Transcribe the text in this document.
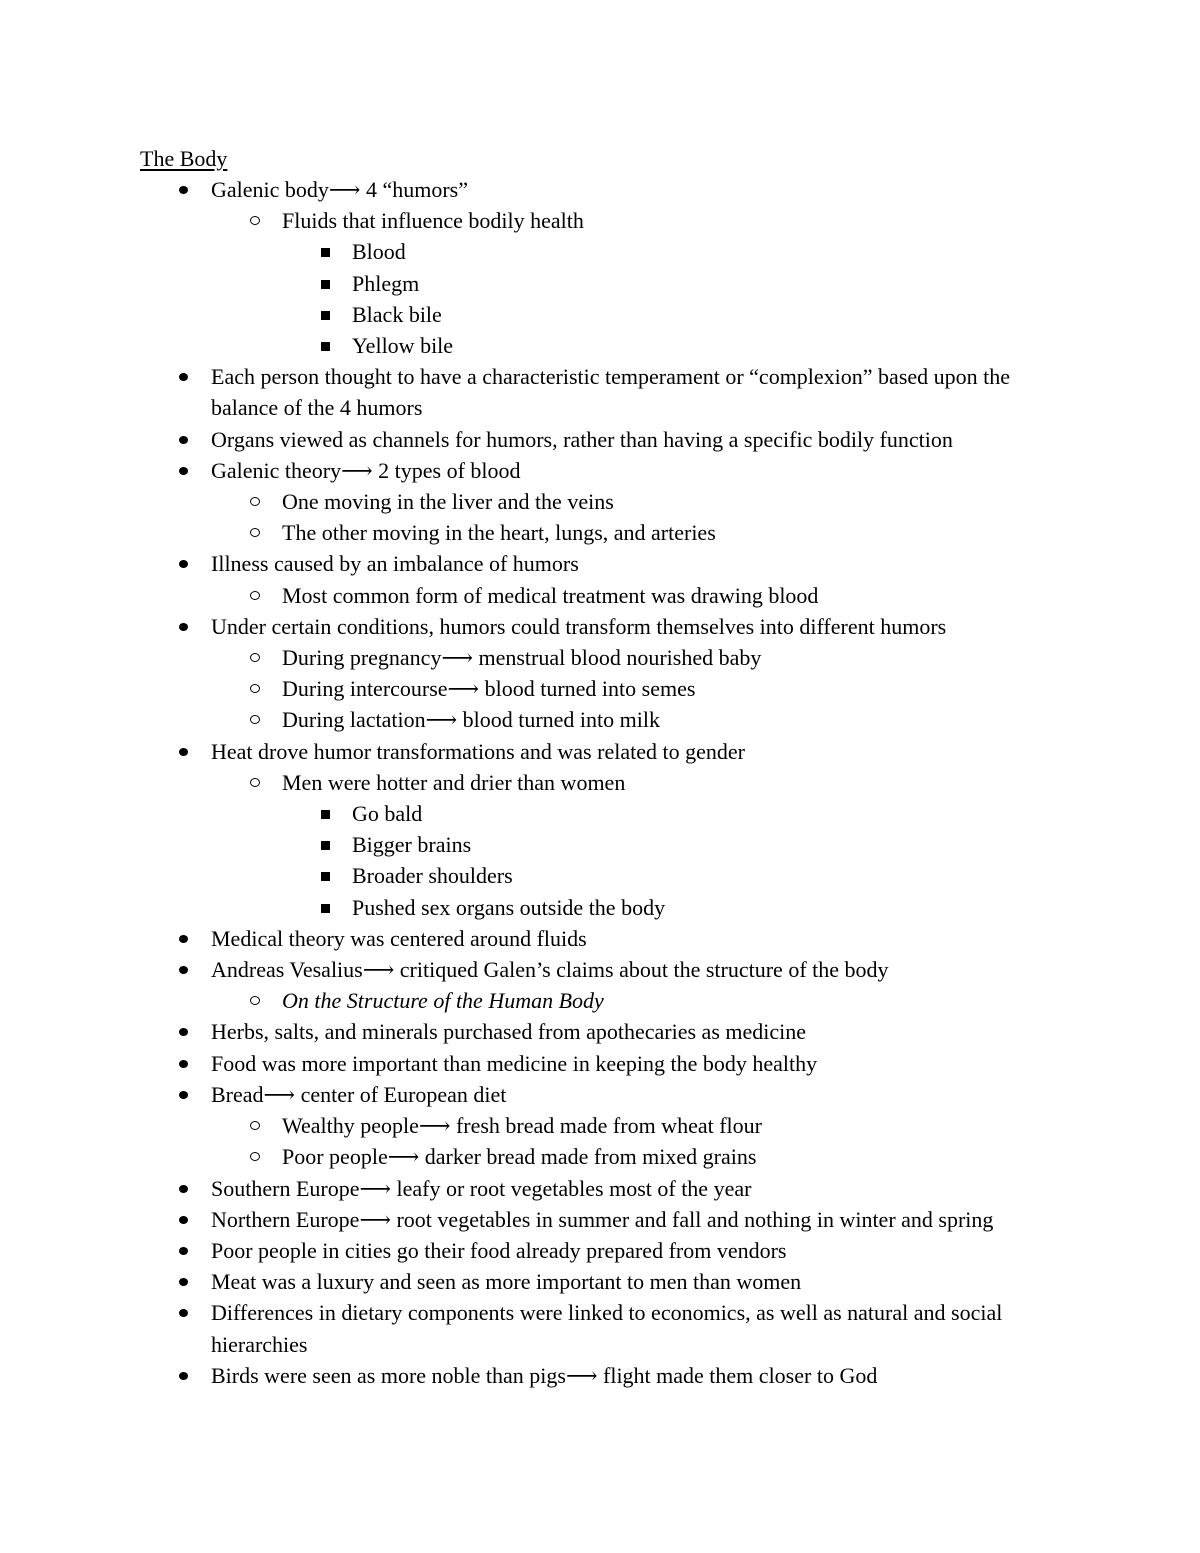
The Body
Galenic body⟶ 4 “humors”
Fluids that influence bodily health
Blood
Phlegm
Black bile
Yellow bile
Each person thought to have a characteristic temperament or “complexion” based upon the balance of the 4 humors
Organs viewed as channels for humors, rather than having a specific bodily function
Galenic theory⟶ 2 types of blood
One moving in the liver and the veins
The other moving in the heart, lungs, and arteries
Illness caused by an imbalance of humors
Most common form of medical treatment was drawing blood
Under certain conditions, humors could transform themselves into different humors
During pregnancy⟶ menstrual blood nourished baby
During intercourse⟶ blood turned into semes
During lactation⟶ blood turned into milk
Heat drove humor transformations and was related to gender
Men were hotter and drier than women
Go bald
Bigger brains
Broader shoulders
Pushed sex organs outside the body
Medical theory was centered around fluids
Andreas Vesalius⟶ critiqued Galen’s claims about the structure of the body
On the Structure of the Human Body
Herbs, salts, and minerals purchased from apothecaries as medicine
Food was more important than medicine in keeping the body healthy
Bread⟶ center of European diet
Wealthy people⟶ fresh bread made from wheat flour
Poor people⟶ darker bread made from mixed grains
Southern Europe⟶ leafy or root vegetables most of the year
Northern Europe⟶ root vegetables in summer and fall and nothing in winter and spring
Poor people in cities go their food already prepared from vendors
Meat was a luxury and seen as more important to men than women
Differences in dietary components were linked to economics, as well as natural and social hierarchies
Birds were seen as more noble than pigs⟶ flight made them closer to God
